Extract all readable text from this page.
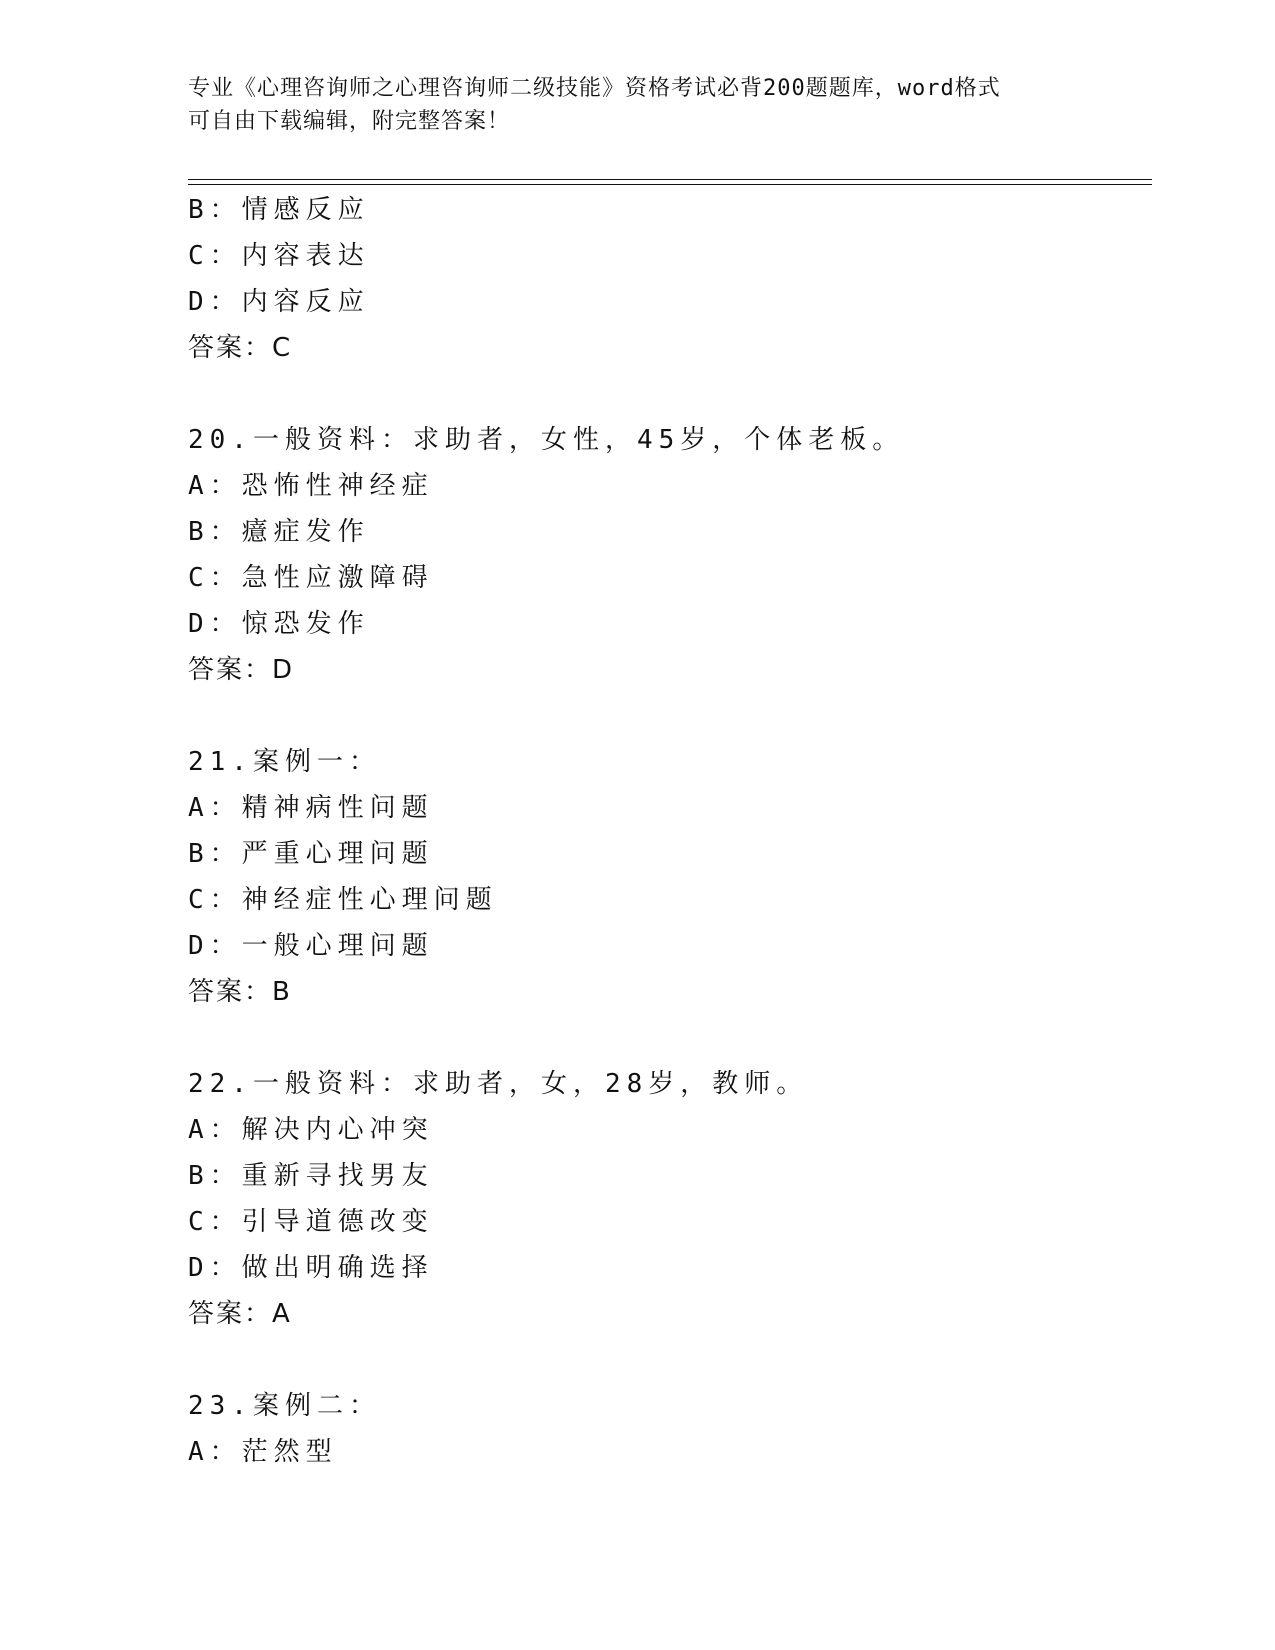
专业《心理咨询师之心理咨询师二级技能》资格考试必背200题题库，word格式
可自由下载编辑，附完整答案！
B：情感反应
C：内容表达
D：内容反应
答案：C
20.一般资料：求助者，女性，45岁，个体老板。
A：恐怖性神经症
B：癔症发作
C：急性应激障碍
D：惊恐发作
答案：D
21.案例一：
A：精神病性问题
B：严重心理问题
C：神经症性心理问题
D：一般心理问题
答案：B
22.一般资料：求助者，女，28岁，教师。
A：解决内心冲突
B：重新寻找男友
C：引导道德改变
D：做出明确选择
答案：A
23.案例二：
A：茫然型
